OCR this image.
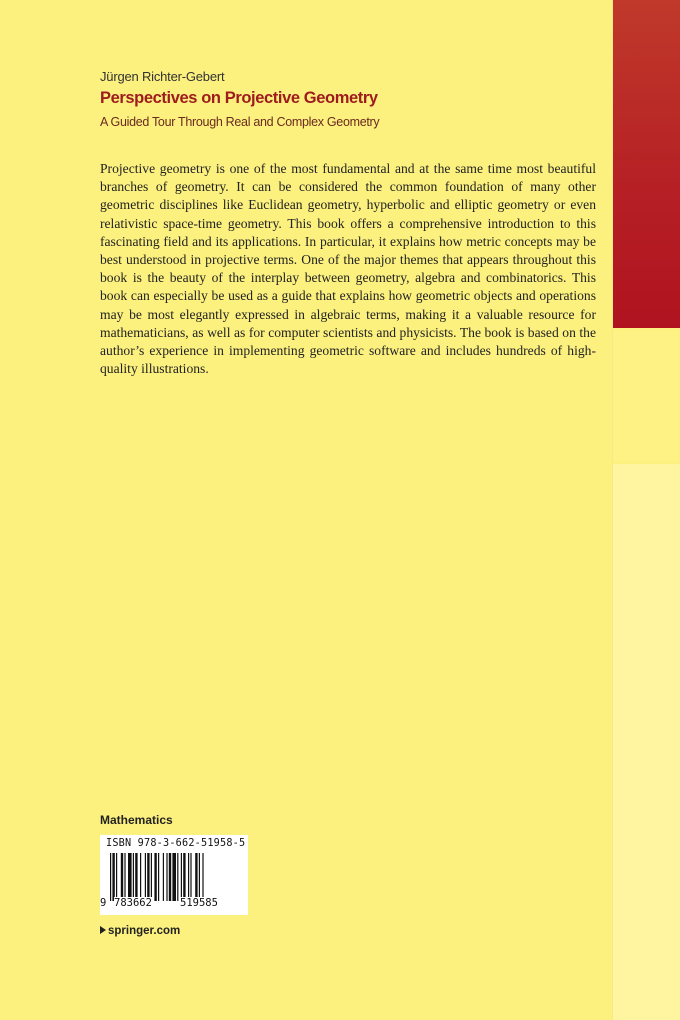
Jürgen Richter-Gebert
Perspectives on Projective Geometry
A Guided Tour Through Real and Complex Geometry

Projective geometry is one of the most fundamental and at the same time most beautiful branches of geometry. It can be considered the common foundation of many other geometric disciplines like Euclidean geometry, hyperbolic and elliptic geometry or even relativistic space-time geometry. This book offers a comprehensive introduction to this fascinating field and its applications. In particular, it explains how metric concepts may be best understood in projective terms. One of the major themes that appears throughout this book is the beauty of the interplay between geometry, algebra and combinatorics. This book can especially be used as a guide that explains how geometric objects and operations may be most elegantly expressed in algebraic terms, making it a valuable resource for mathematicians, as well as for computer scientists and physicists. The book is based on the author’s experience in implementing geometric software and includes hundreds of high-quality illustrations.

Mathematics
ISBN 978-3-662-51958-5
9 783662	519585
springer.com
